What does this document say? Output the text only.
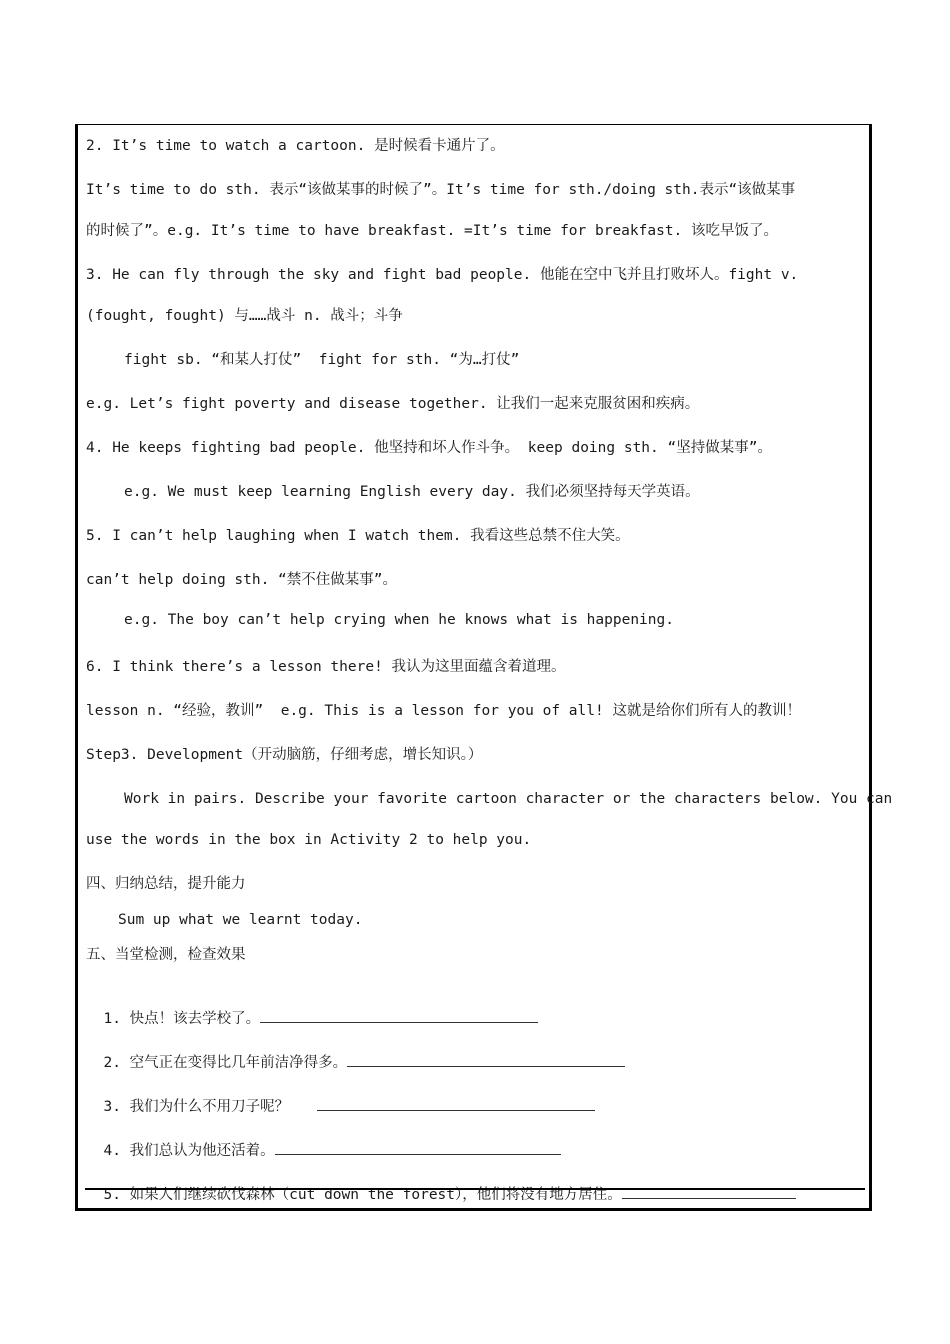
2. It’s time to watch a cartoon. 是时候看卡通片了。
It’s time to do sth. 表示“该做某事的时候了”。It’s time for sth./doing sth.表示“该做某事
的时候了”。e.g. It’s time to have breakfast. =It’s time for breakfast. 该吃早饭了。
3. He can fly through the sky and fight bad people. 他能在空中飞并且打败坏人。fight v.
(fought, fought) 与……战斗 n. 战斗；斗争
fight sb. “和某人打仗”  fight for sth. “为…打仗”
e.g. Let’s fight poverty and disease together. 让我们一起来克服贫困和疾病。
4. He keeps fighting bad people. 他坚持和坏人作斗争。 keep doing sth. “坚持做某事”。
e.g. We must keep learning English every day. 我们必须坚持每天学英语。
5. I can’t help laughing when I watch them. 我看这些总禁不住大笑。
can’t help doing sth. “禁不住做某事”。
e.g. The boy can’t help crying when he knows what is happening.
6. I think there’s a lesson there! 我认为这里面蕴含着道理。
lesson n. “经验，教训”  e.g. This is a lesson for you of all! 这就是给你们所有人的教训！
Step3. Development（开动脑筋，仔细考虑，增长知识。）
Work in pairs. Describe your favorite cartoon character or the characters below. You can
use the words in the box in Activity 2 to help you.
四、归纳总结，提升能力
Sum up what we learnt today.
五、当堂检测，检查效果

1. 快点！该去学校了。

2. 空气正在变得比几年前洁净得多。

3. 我们为什么不用刀子呢？

4. 我们总认为他还活着。

5. 如果人们继续砍伐森林（cut down the forest），他们将没有地方居住。
